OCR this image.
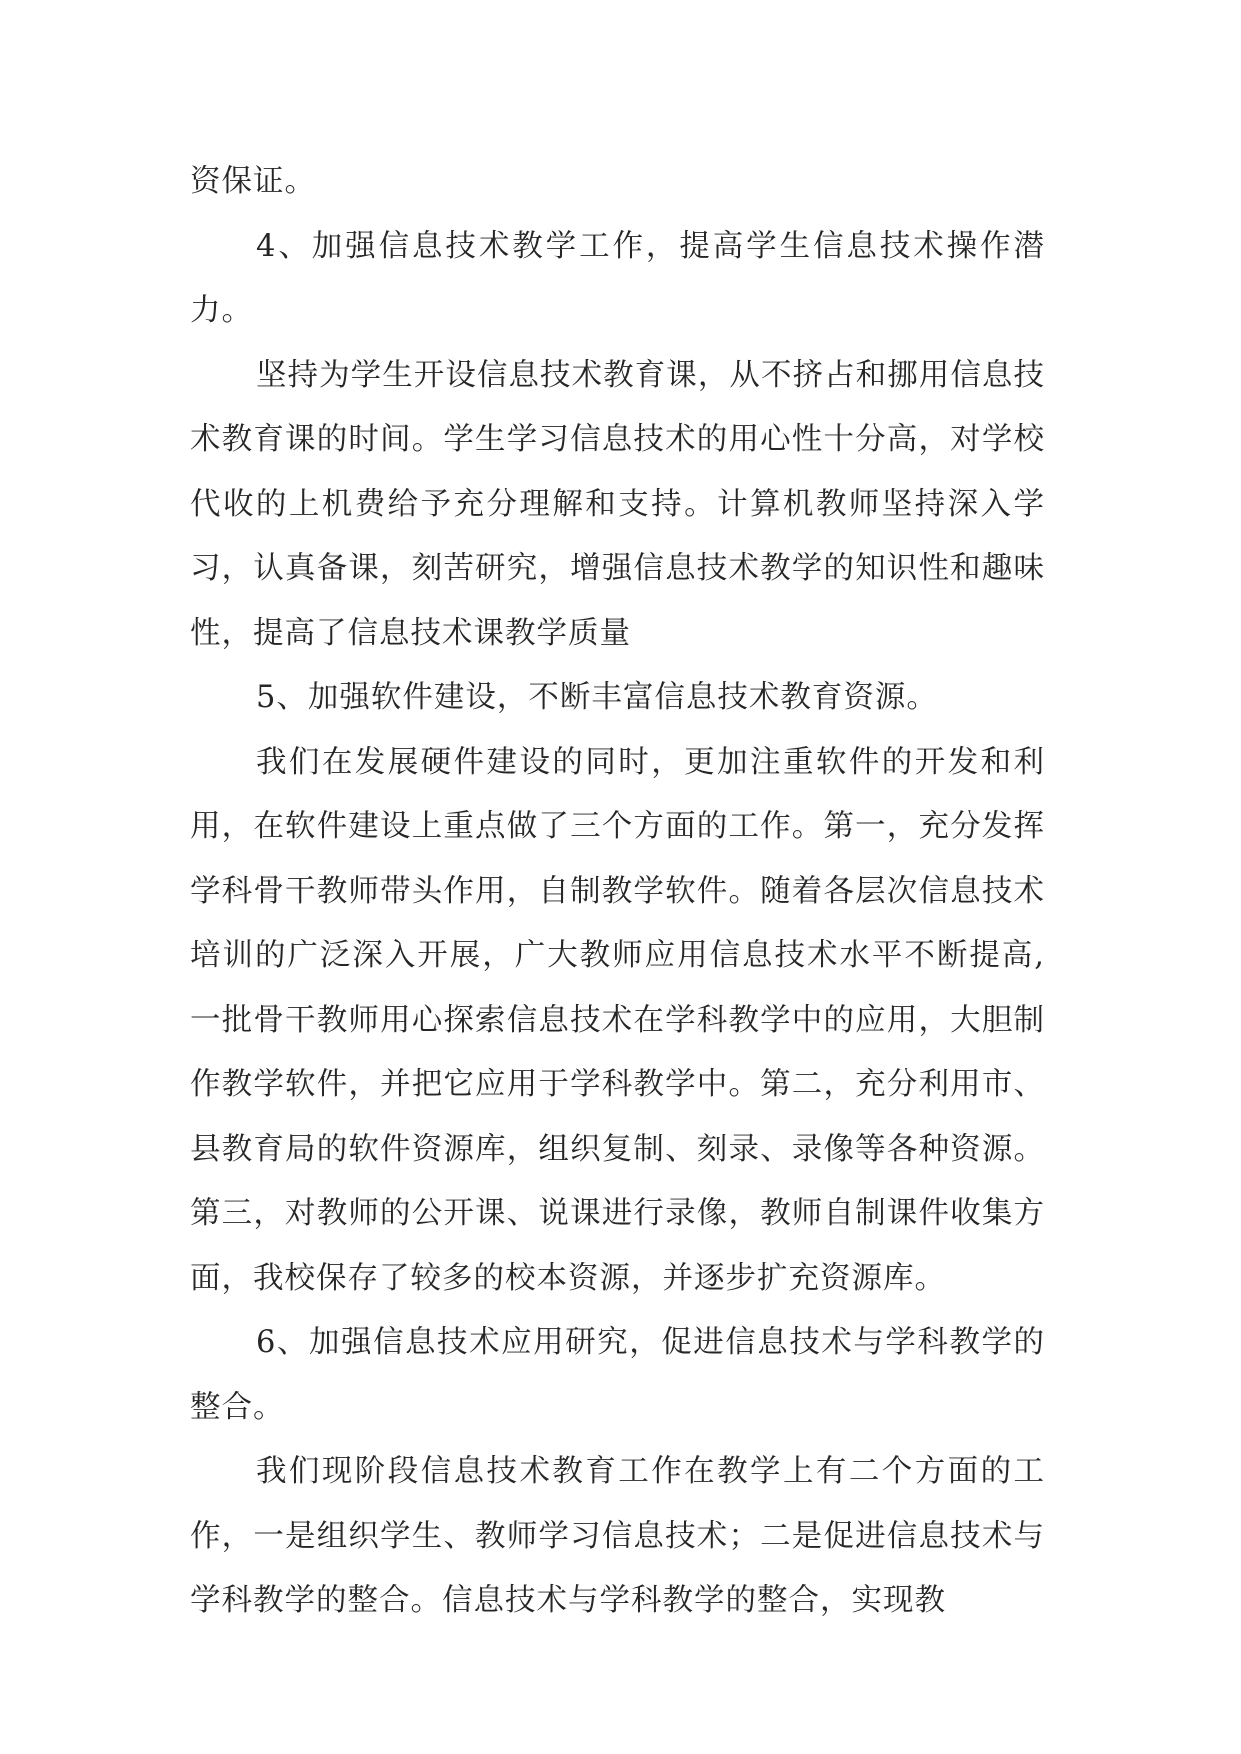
资保证。

4、加强信息技术教学工作，提高学生信息技术操作潜力。

坚持为学生开设信息技术教育课，从不挤占和挪用信息技术教育课的时间。学生学习信息技术的用心性十分高，对学校代收的上机费给予充分理解和支持。计算机教师坚持深入学习，认真备课，刻苦研究，增强信息技术教学的知识性和趣味性，提高了信息技术课教学质量

5、加强软件建设，不断丰富信息技术教育资源。

我们在发展硬件建设的同时，更加注重软件的开发和利用，在软件建设上重点做了三个方面的工作。第一，充分发挥学科骨干教师带头作用，自制教学软件。随着各层次信息技术培训的广泛深入开展，广大教师应用信息技术水平不断提高,一批骨干教师用心探索信息技术在学科教学中的应用，大胆制作教学软件，并把它应用于学科教学中。第二，充分利用市、县教育局的软件资源库，组织复制、刻录、录像等各种资源。第三，对教师的公开课、说课进行录像，教师自制课件收集方面，我校保存了较多的校本资源，并逐步扩充资源库。

6、加强信息技术应用研究，促进信息技术与学科教学的整合。

我们现阶段信息技术教育工作在教学上有二个方面的工作，一是组织学生、教师学习信息技术；二是促进信息技术与学科教学的整合。信息技术与学科教学的整合，实现教
